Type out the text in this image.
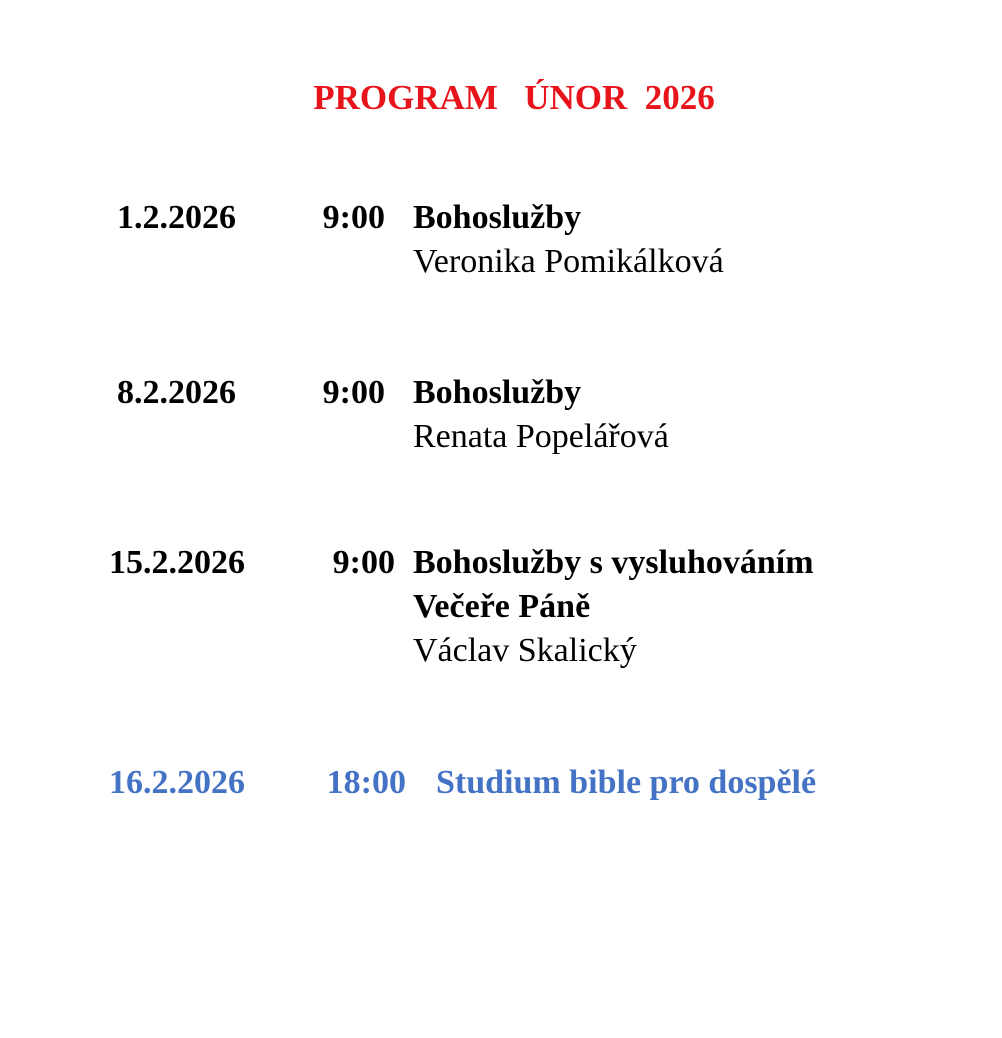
PROGRAM   ÚNOR  2026
1.2.2026	9:00 Bohoslužby
Veronika Pomikálková
8.2.2026	9:00 Bohoslužby
Renata Popelářová
15.2.2026	9:00 Bohoslužby s vysluhováním
Večeře Páně
Václav Skalický
16.2.2026	18:00 Studium bible pro dospělé
